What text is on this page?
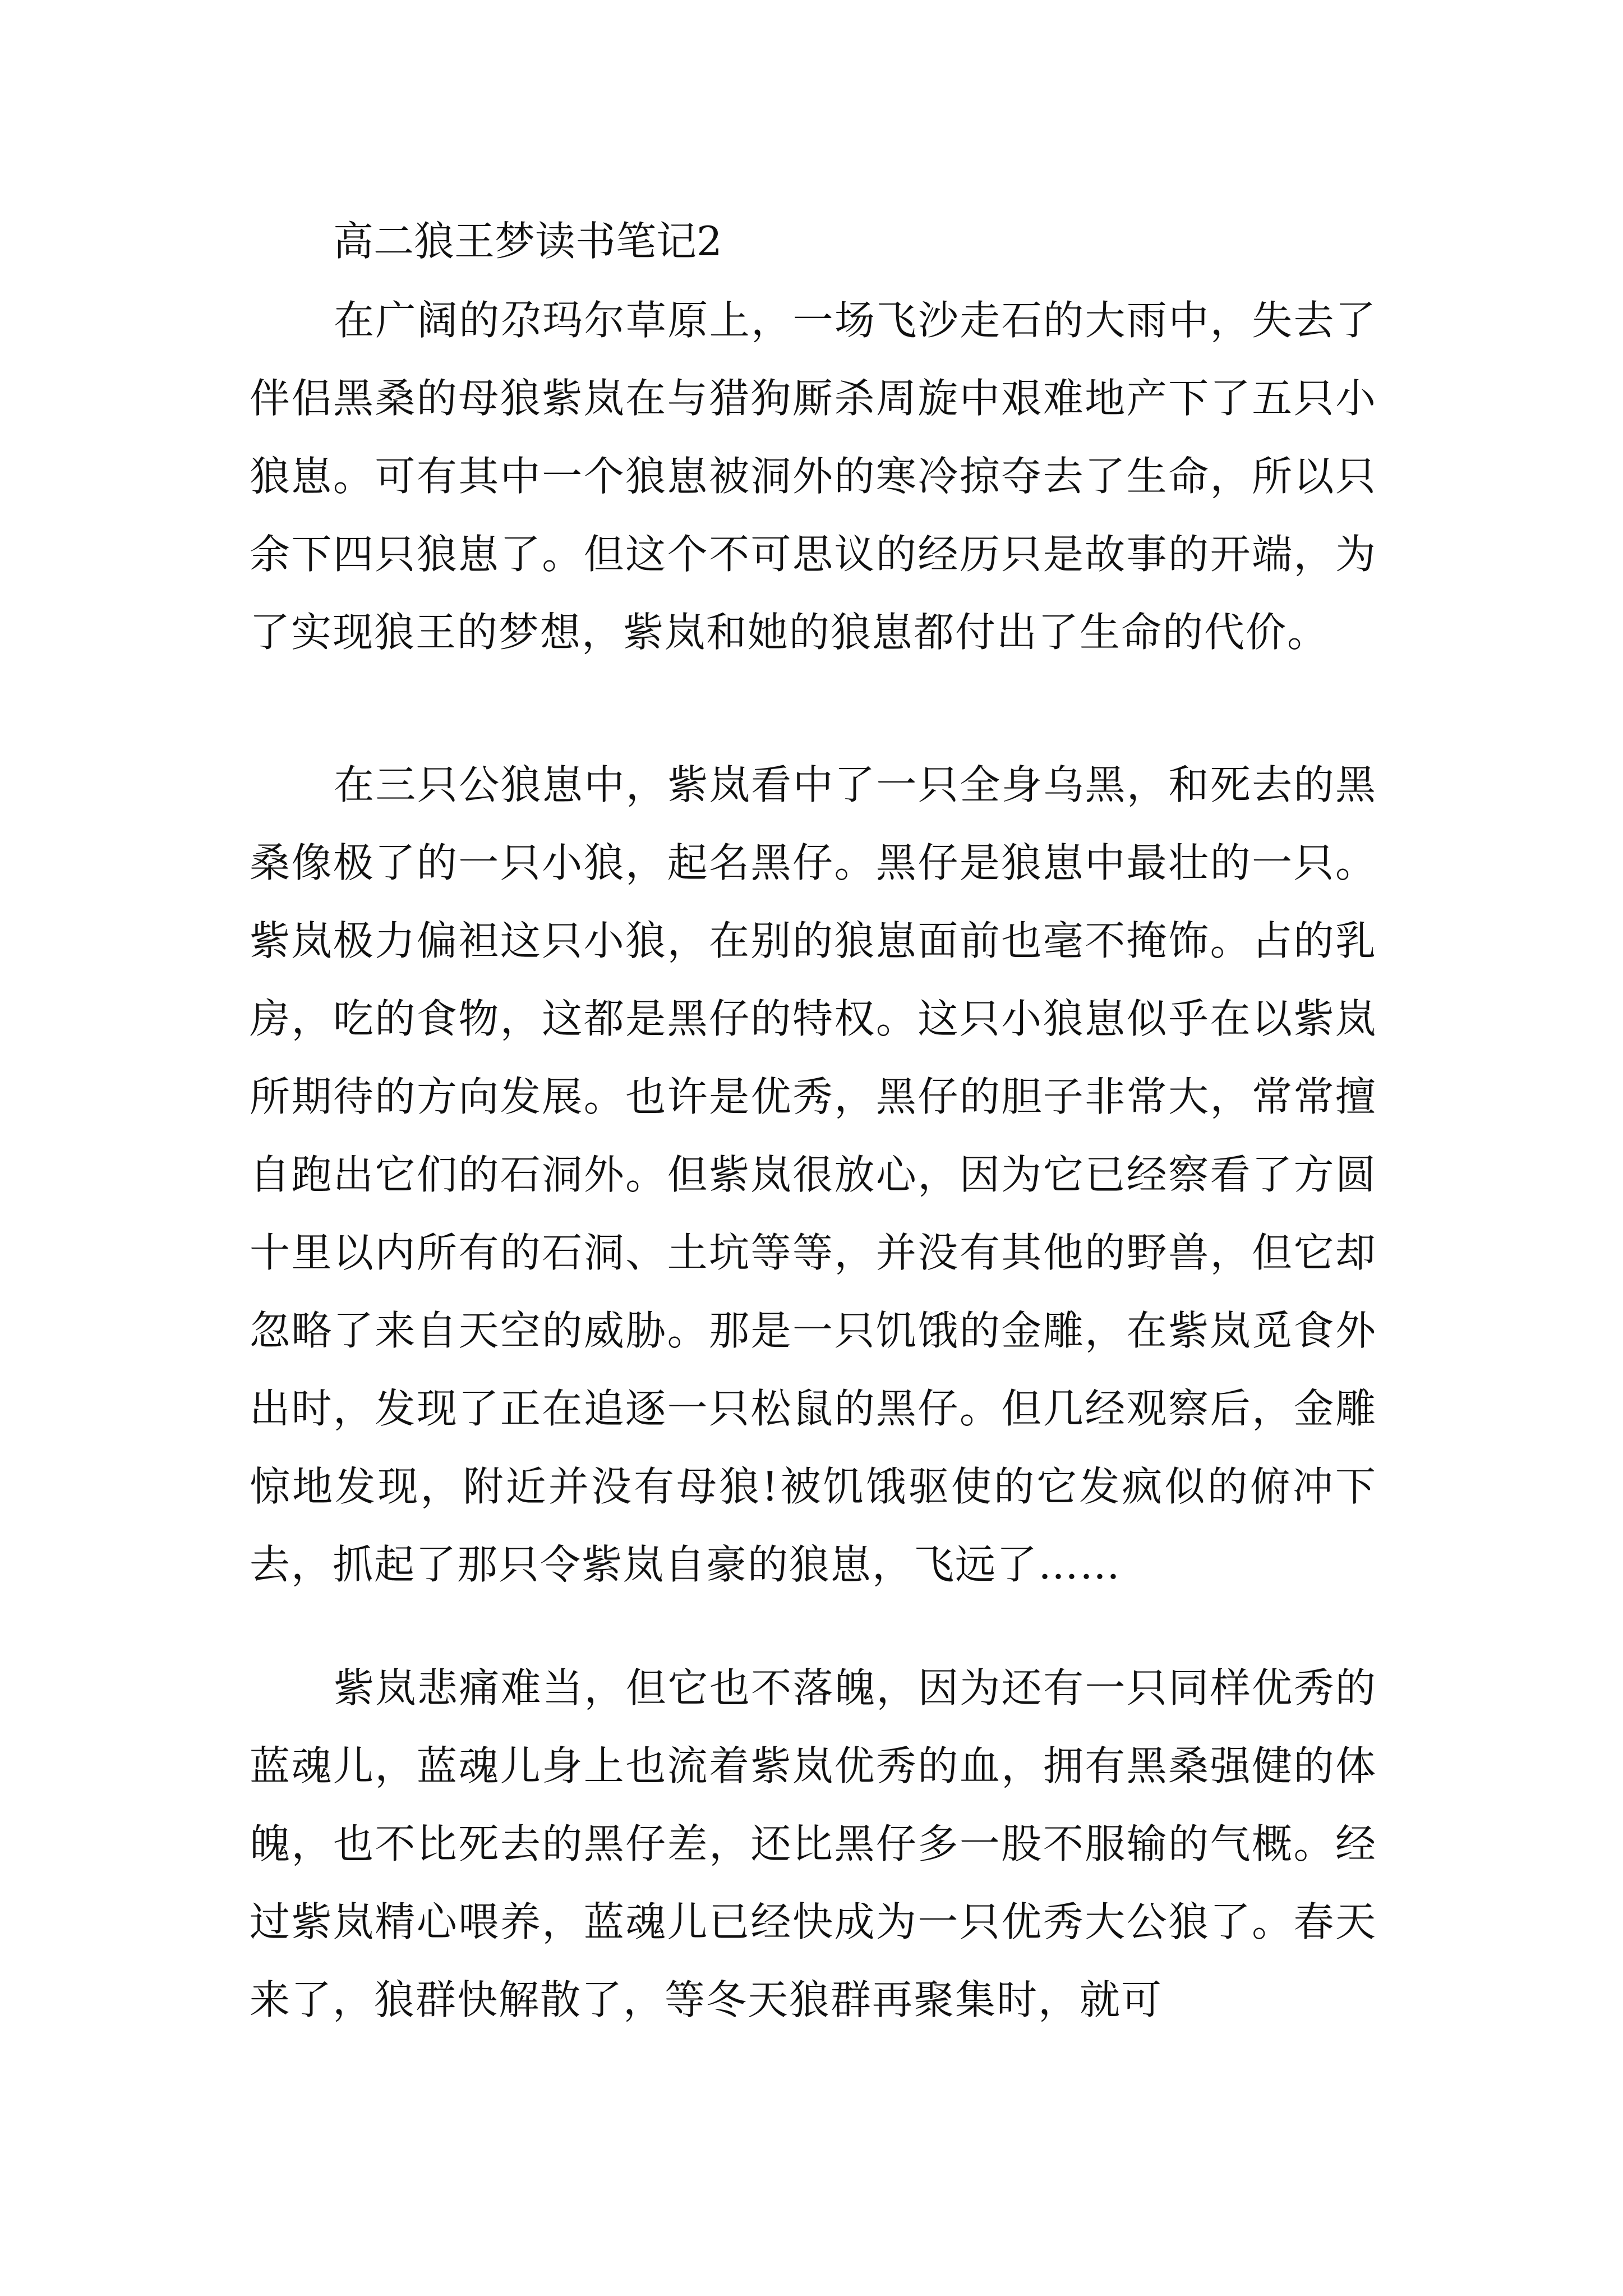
高二狼王梦读书笔记2

在广阔的尕玛尔草原上，一场飞沙走石的大雨中，失去了伴侣黑桑的母狼紫岚在与猎狗厮杀周旋中艰难地产下了五只小狼崽。可有其中一个狼崽被洞外的寒冷掠夺去了生命，所以只余下四只狼崽了。但这个不可思议的经历只是故事的开端，为了实现狼王的梦想，紫岚和她的狼崽都付出了生命的代价。

在三只公狼崽中，紫岚看中了一只全身乌黑，和死去的黑桑像极了的一只小狼，起名黑仔。黑仔是狼崽中最壮的一只。紫岚极力偏袒这只小狼，在别的狼崽面前也毫不掩饰。占的乳房，吃的食物，这都是黑仔的特权。这只小狼崽似乎在以紫岚所期待的方向发展。也许是优秀，黑仔的胆子非常大，常常擅自跑出它们的石洞外。但紫岚很放心，因为它已经察看了方圆十里以内所有的石洞、土坑等等，并没有其他的野兽，但它却忽略了来自天空的威胁。那是一只饥饿的金雕，在紫岚觅食外出时，发现了正在追逐一只松鼠的黑仔。但几经观察后，金雕惊地发现，附近并没有母狼!被饥饿驱使的它发疯似的俯冲下去，抓起了那只令紫岚自豪的狼崽，飞远了……

紫岚悲痛难当，但它也不落魄，因为还有一只同样优秀的蓝魂儿，蓝魂儿身上也流着紫岚优秀的血，拥有黑桑强健的体魄，也不比死去的黑仔差，还比黑仔多一股不服输的气概。经过紫岚精心喂养，蓝魂儿已经快成为一只优秀大公狼了。春天来了，狼群快解散了，等冬天狼群再聚集时，就可
